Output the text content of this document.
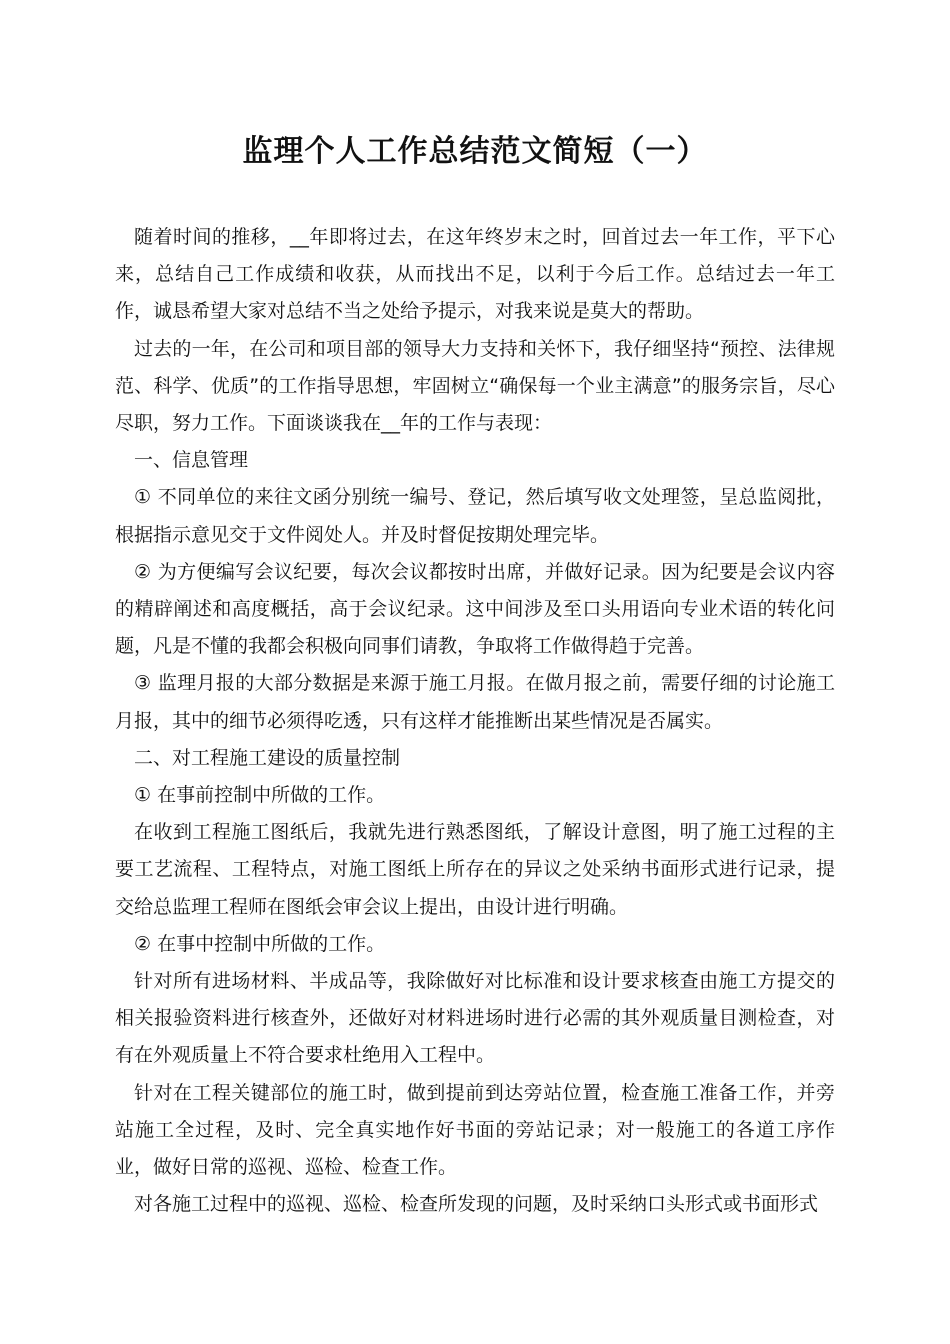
监理个人工作总结范文简短（一）

随着时间的推移，__年即将过去，在这年终岁末之时，回首过去一年工作，平下心来，总结自己工作成绩和收获，从而找出不足，以利于今后工作。总结过去一年工作，诚恳希望大家对总结不当之处给予提示，对我来说是莫大的帮助。

过去的一年，在公司和项目部的领导大力支持和关怀下，我仔细坚持“预控、法律规范、科学、优质”的工作指导思想，牢固树立“确保每一个业主满意”的服务宗旨，尽心尽职，努力工作。下面谈谈我在__年的工作与表现：

一、信息管理

① 不同单位的来往文函分别统一编号、登记，然后填写收文处理签，呈总监阅批，根据指示意见交于文件阅处人。并及时督促按期处理完毕。

② 为方便编写会议纪要，每次会议都按时出席，并做好记录。因为纪要是会议内容的精辟阐述和高度概括，高于会议纪录。这中间涉及至口头用语向专业术语的转化问题，凡是不懂的我都会积极向同事们请教，争取将工作做得趋于完善。

③ 监理月报的大部分数据是来源于施工月报。在做月报之前，需要仔细的讨论施工月报，其中的细节必须得吃透，只有这样才能推断出某些情况是否属实。

二、对工程施工建设的质量控制

① 在事前控制中所做的工作。

在收到工程施工图纸后，我就先进行熟悉图纸，了解设计意图，明了施工过程的主要工艺流程、工程特点，对施工图纸上所存在的异议之处采纳书面形式进行记录，提交给总监理工程师在图纸会审会议上提出，由设计进行明确。

② 在事中控制中所做的工作。

针对所有进场材料、半成品等，我除做好对比标准和设计要求核查由施工方提交的相关报验资料进行核查外，还做好对材料进场时进行必需的其外观质量目测检查，对有在外观质量上不符合要求杜绝用入工程中。

针对在工程关键部位的施工时，做到提前到达旁站位置，检查施工准备工作，并旁站施工全过程，及时、完全真实地作好书面的旁站记录；对一般施工的各道工序作业，做好日常的巡视、巡检、检查工作。

对各施工过程中的巡视、巡检、检查所发现的问题，及时采纳口头形式或书面形式
